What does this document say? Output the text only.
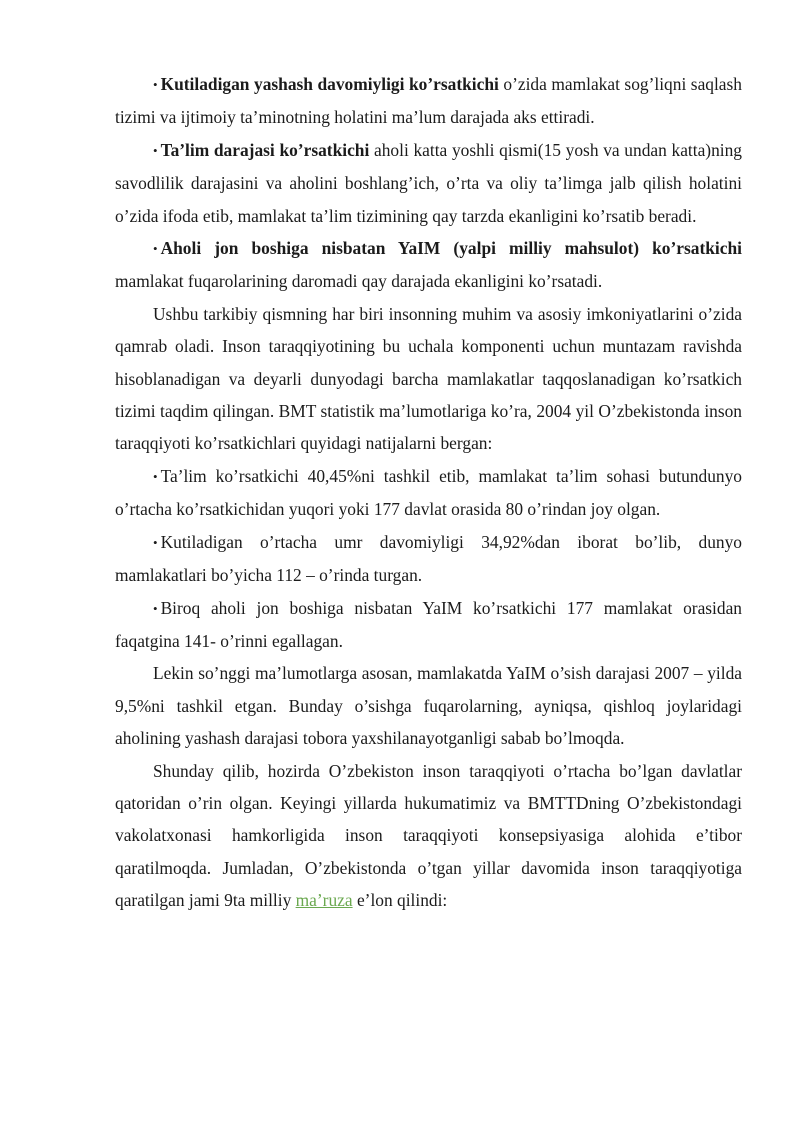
• Kutiladigan yashash davomiyligi ko’rsatkichi o’zida mamlakat sog’liqni saqlash tizimi va ijtimoiy ta’minotning holatini ma’lum darajada aks ettiradi.

• Ta’lim darajasi ko’rsatkichi aholi katta yoshli qismi(15 yosh va undan katta)ning savodlilik darajasini va aholini boshlang’ich, o’rta va oliy ta’limga jalb qilish holatini o’zida ifoda etib, mamlakat ta’lim tizimining qay tarzda ekanligini ko’rsatib beradi.

• Aholi jon boshiga nisbatan YaIM (yalpi milliy mahsulot) ko’rsatkichi mamlakat fuqarolarining daromadi qay darajada ekanligini ko’rsatadi.

Ushbu tarkibiy qismning har biri insonning muhim va asosiy imkoniyatlarini o’zida qamrab oladi. Inson taraqqiyotining bu uchala komponenti uchun muntazam ravishda hisoblanadigan va deyarli dunyodagi barcha mamlakatlar taqqoslanadigan ko’rsatkich tizimi taqdim qilingan. BMT statistik ma’lumotlariga ko’ra, 2004 yil O’zbekistonda inson taraqqiyoti ko’rsatkichlari quyidagi natijalarni bergan:

• Ta’lim ko’rsatkichi 40,45%ni tashkil etib, mamlakat ta’lim sohasi butundunyo o’rtacha ko’rsatkichidan yuqori yoki 177 davlat orasida 80 o’rindan joy olgan.

• Kutiladigan o’rtacha umr davomiyligi 34,92%dan iborat bo’lib, dunyo mamlakatlari bo’yicha 112 – o’rinda turgan.

• Biroq aholi jon boshiga nisbatan YaIM ko’rsatkichi 177 mamlakat orasidan faqatgina 141- o’rinni egallagan.

Lekin so’nggi ma’lumotlarga asosan, mamlakatda YaIM o’sish darajasi 2007 – yilda 9,5%ni tashkil etgan. Bunday o’sishga fuqarolarning, ayniqsa, qishloq joylaridagi aholining yashash darajasi tobora yaxshilanayotganligi sabab bo’lmoqda.

Shunday qilib, hozirda O’zbekiston inson taraqqiyoti o’rtacha bo’lgan davlatlar qatoridan o’rin olgan. Keyingi yillarda hukumatimiz va BMTTDning O’zbekistondagi vakolatxonasi hamkorligida inson taraqqiyoti konsepsiyasiga alohida e’tibor qaratilmoqda. Jumladan, O’zbekistonda o’tgan yillar davomida inson taraqqiyotiga qaratilgan jami 9ta milliy ma’ruza e’lon qilindi:
